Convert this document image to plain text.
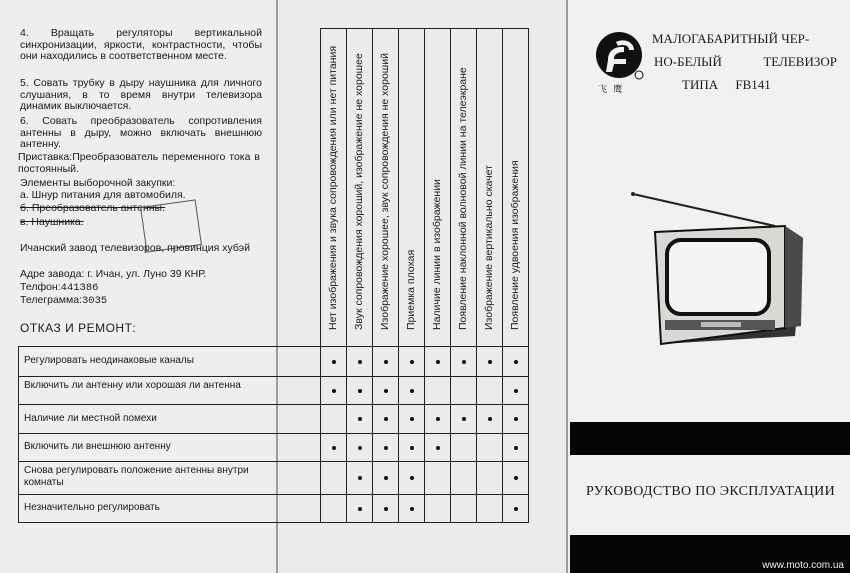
4. Вращать регуляторы вертикальной синхронизации, яркости, контрастности, чтобы они находились в соответственном месте.
5. Совать трубку в дыру наушника для личного слушания, в то время внутри телевизора динамик выключается.
6. Совать преобразователь сопротивления антенны в дыру, можно включать внешнюю антенну.
Приставка:Преобразователь переменного тока в постоянный.
Элементы выборочной закупки:
а. Шнур питания для автомобиля.
б. Преобразователь антенны.
в. Наушника.
Ичанский завод телевизоров, провинция хубэй
Адре завода: г. Ичан, ул. Луно 39 КНР.
Телфон:441386
Телеграмма:3035
ОТКАЗ И РЕМОНТ:	Нет изображения и звука сопровождения или нет питания Звук сопровождения хороший, изображение не хорошее Изображение хорошее, звук сопровождения не хороший Приемка плохая Наличие линии в изображении Появление наклонной волновой линии на телеэкране Изображение вертикально скачет Появление удвоения изображения
Регулировать неодинаковые каналы
Включить ли антенну или хорошая ли антенна
Наличие ли местной помехи
Включить ли внешнюю антенну
Снова регулировать положение антенны внутри комнаты
Незначительно регулировать
飞 鹰
МАЛОГАБАРИТНЫЙ ЧЕР-
НО-БЕЛЫЙ ТЕЛЕВИЗОР
ТИПА FB141
РУКОВОДСТВО ПО ЭКСПЛУАТАЦИИ
www.moto.com.ua
